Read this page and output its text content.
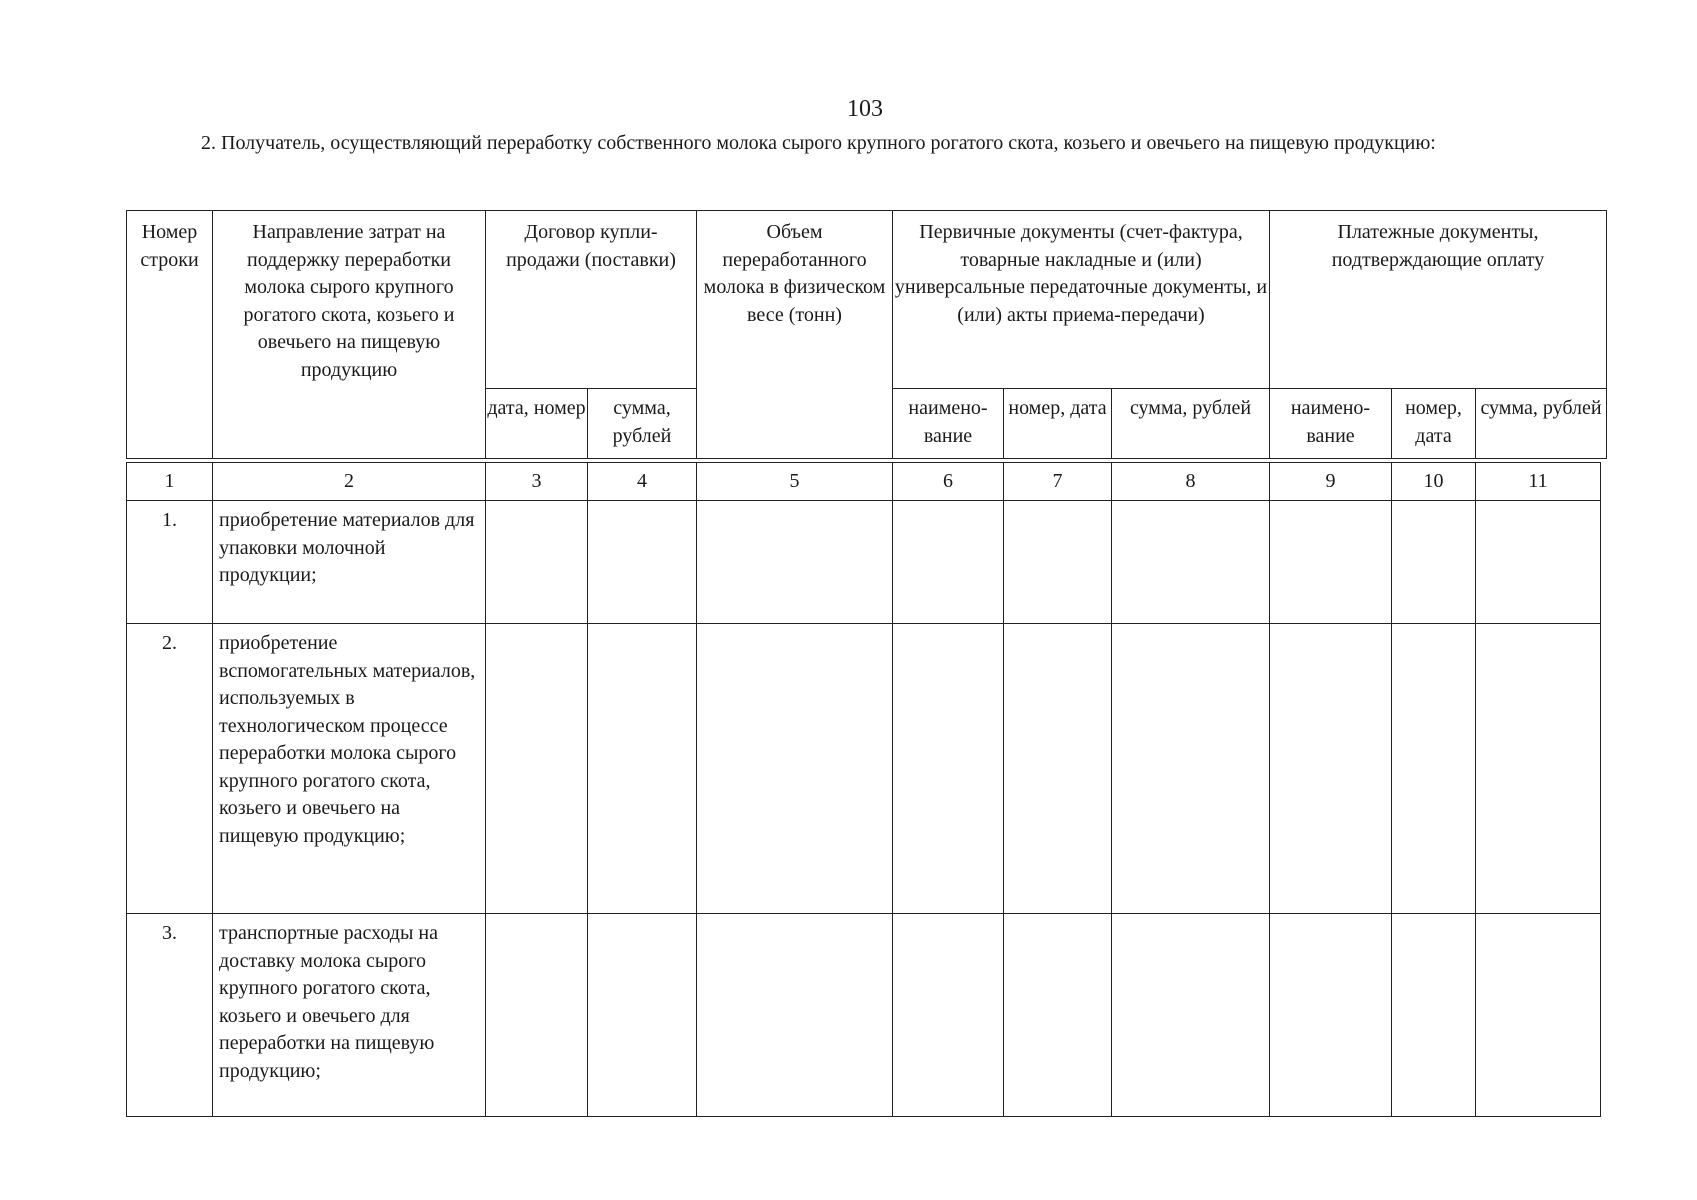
103
2. Получатель, осуществляющий переработку собственного молока сырого крупного рогатого скота, козьего и овечьего на пищевую продукцию:
Номер строки	Направление затрат на поддержку переработки молока сырого крупного рогатого скота, козьего и овечьего на пищевую продукцию	Договор купли-продажи (поставки)		Объем переработанного молока в физическом весе (тонн)	Первичные документы (счет-фактура, товарные накладные и (или) универсальные передаточные документы, и (или) акты приема-передачи)			Платежные документы, подтверждающие оплату		
		дата, номер	сумма, рублей		наимено-вание	номер, дата	сумма, рублей	наимено-вание	номер, дата	сумма, рублей
1	2	3	4	5	6	7	8	9	10	11
1.	приобретение материалов для упаковки молочной продукции;									
2.	приобретение вспомогательных материалов, используемых в технологическом процессе переработки молока сырого крупного рогатого скота, козьего и овечьего на пищевую продукцию;									
3.	транспортные расходы на доставку молока сырого крупного рогатого скота, козьего и овечьего для переработки на пищевую продукцию;									
